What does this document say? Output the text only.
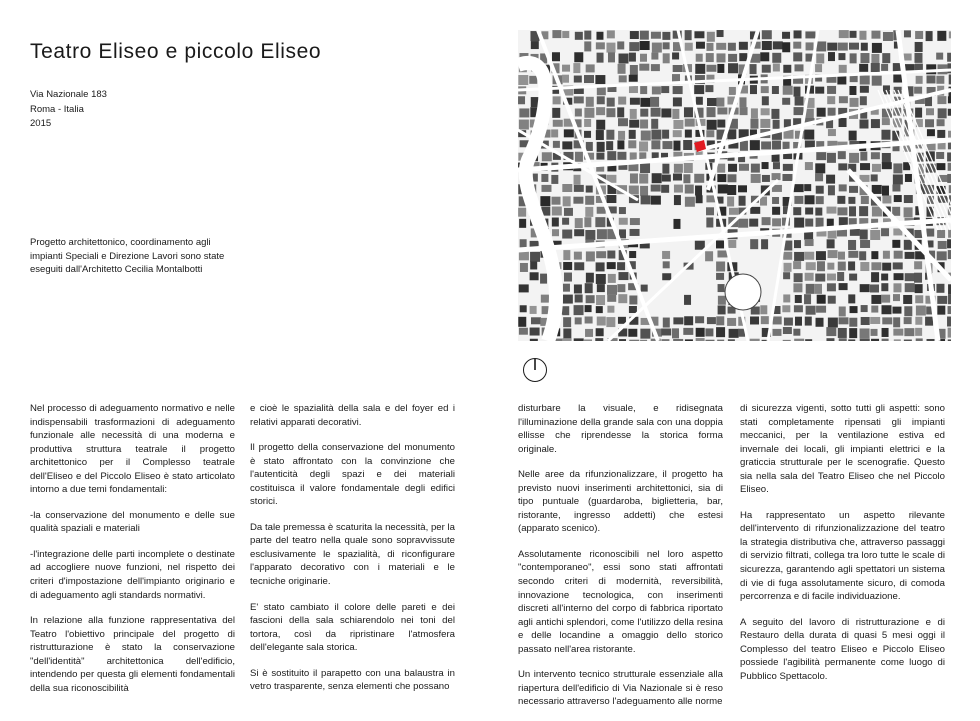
Teatro Eliseo e piccolo Eliseo
Via Nazionale 183
Roma - Italia
2015
Progetto architettonico, coordinamento agli impianti Speciali e Direzione Lavori sono state eseguiti dall'Architetto Cecilia Montalbotti

Nel processo di adeguamento normativo e nelle indispensabili trasformazioni di adeguamento funzionale alle necessità di una moderna e produttiva struttura teatrale il progetto architettonico per il Complesso teatrale dell'Eliseo e del Piccolo Eliseo è stato articolato intorno a due temi fondamentali:

-la conservazione del monumento e delle sue qualità spaziali e materiali

-l'integrazione delle parti incomplete o destinate ad accogliere nuove funzioni, nel rispetto dei criteri d'impostazione dell'impianto originario e di adeguamento agli standards normativi.

In relazione alla funzione rappresentativa del Teatro l'obiettivo principale del progetto di ristrutturazione è stato la conservazione "dell'identità" architettonica dell'edificio, intendendo per questa gli elementi fondamentali della sua riconoscibilità

e cioè le spazialità della sala e del foyer ed i relativi apparati decorativi.

Il progetto della conservazione del monumento è stato affrontato con la convinzione che l'autenticità degli spazi e dei materiali costituisca il valore fondamentale degli edifici storici.

Da tale premessa è scaturita la necessità, per la parte del teatro nella quale sono sopravvissute esclusivamente le spazialità, di riconfigurare l'apparato decorativo con i materiali e le tecniche originarie.

E' stato cambiato il colore delle pareti e dei fascioni della sala schiarendolo nei toni del tortora, così da ripristinare l'atmosfera dell'elegante sala storica.

Si è sostituito il parapetto con una balaustra in vetro trasparente, senza elementi che possano

disturbare la visuale, e ridisegnata l'illuminazione della grande sala con una doppia ellisse che riprendesse la storica forma originale.

Nelle aree da rifunzionalizzare, il progetto ha previsto nuovi inserimenti architettonici, sia di tipo puntuale (guardaroba, biglietteria, bar, ristorante, ingresso addetti) che estesi (apparato scenico).

Assolutamente riconoscibili nel loro aspetto "contemporaneo", essi sono stati affrontati secondo criteri di modernità, reversibilità, innovazione tecnologica, con inserimenti discreti all'interno del corpo di fabbrica riportato agli antichi splendori, come l'utilizzo della resina e delle locandine a omaggio dello storico passato nell'area ristorante.

Un intervento tecnico strutturale essenziale alla riapertura dell'edificio di Via Nazionale si è reso necessario attraverso l'adeguamento alle norme

di sicurezza vigenti, sotto tutti gli aspetti: sono stati completamente ripensati gli impianti meccanici, per la ventilazione estiva ed invernale dei locali, gli impianti elettrici e la graticcia strutturale per le scenografie. Questo sia nella sala del Teatro Eliseo che nel Piccolo Eliseo.

Ha rappresentato un aspetto rilevante dell'intervento di rifunzionalizzazione del teatro la strategia distributiva che, attraverso passaggi di servizio filtrati, collega tra loro tutte le scale di sicurezza, garantendo agli spettatori un sistema di vie di fuga assolutamente sicuro, di comoda percorrenza e di facile individuazione.

A seguito del lavoro di ristrutturazione e di Restauro della durata di quasi 5 mesi oggi il Complesso del teatro Eliseo e Piccolo Eliseo possiede l'agibilità permanente come luogo di Pubblico Spettacolo.
